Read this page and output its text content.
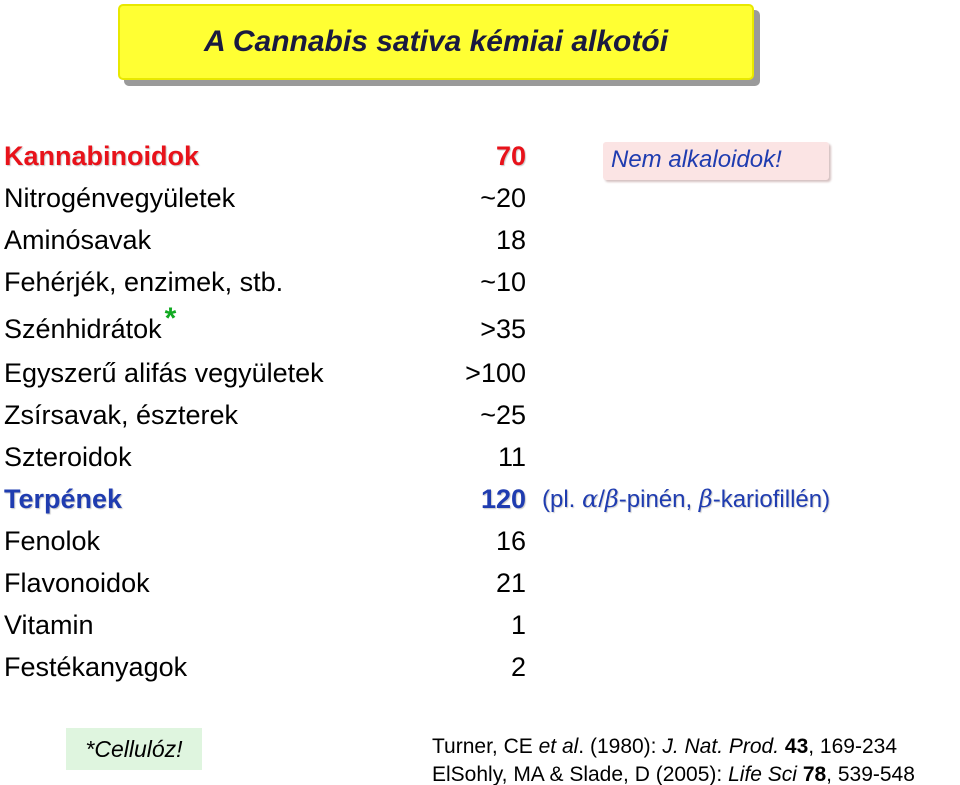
A Cannabis sativa kémiai alkotói
Kannabinoidok	70
Nitrogénvegyületek	~20
Aminósavak	18
Fehérjék, enzimek, stb.	~10
Szénhidrátok *	>35
Egyszerű alifás vegyületek	>100
Zsírsavak, észterek	~25
Szteroidok	11
Terpének	120
Fenolok	16
Flavonoidok	21
Vitamin	1
Festékanyagok	2
Nem alkaloidok!
(pl. α/β-pinén, β-kariofillén)
*Cellulóz!	Turner, CE et al. (1980): J. Nat. Prod. 43, 169-234
ElSohly, MA & Slade, D (2005): Life Sci 78, 539-548
